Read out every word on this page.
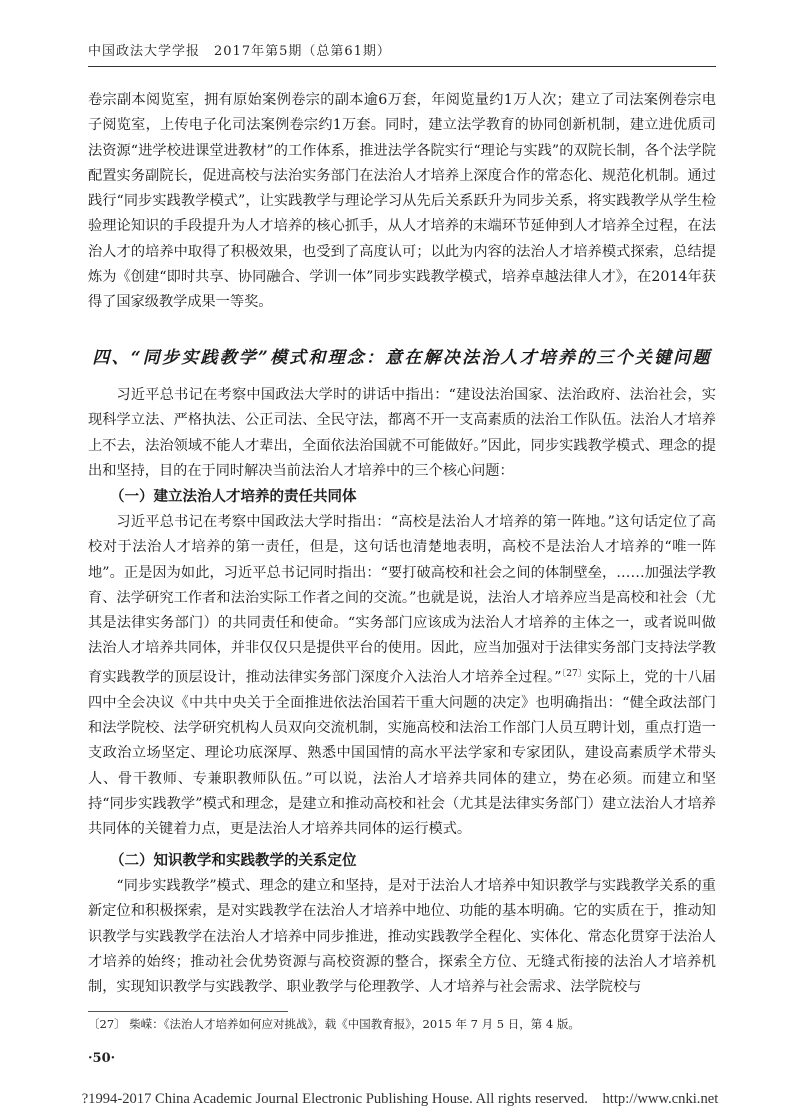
中国政法大学学报　2017年第5期（总第61期）

卷宗副本阅览室，拥有原始案例卷宗的副本逾6万套，年阅览量约1万人次；建立了司法案例卷宗电子阅览室，上传电子化司法案例卷宗约1万套。同时，建立法学教育的协同创新机制，建立进优质司法资源“进学校进课堂进教材”的工作体系，推进法学各院实行“理论与实践”的双院长制，各个法学院配置实务副院长，促进高校与法治实务部门在法治人才培养上深度合作的常态化、规范化机制。通过践行“同步实践教学模式”，让实践教学与理论学习从先后关系跃升为同步关系，将实践教学从学生检验理论知识的手段提升为人才培养的核心抓手，从人才培养的末端环节延伸到人才培养全过程，在法治人才的培养中取得了积极效果，也受到了高度认可；以此为内容的法治人才培养模式探索，总结提炼为《创建“即时共享、协同融合、学训一体”同步实践教学模式，培养卓越法律人才》，在2014年获得了国家级教学成果一等奖。

四、“同步实践教学”模式和理念：意在解决法治人才培养的三个关键问题

习近平总书记在考察中国政法大学时的讲话中指出：“建设法治国家、法治政府、法治社会，实现科学立法、严格执法、公正司法、全民守法，都离不开一支高素质的法治工作队伍。法治人才培养上不去，法治领域不能人才辈出，全面依法治国就不可能做好。”因此，同步实践教学模式、理念的提出和坚持，目的在于同时解决当前法治人才培养中的三个核心问题：

（一）建立法治人才培养的责任共同体

习近平总书记在考察中国政法大学时指出：“高校是法治人才培养的第一阵地。”这句话定位了高校对于法治人才培养的第一责任，但是，这句话也清楚地表明，高校不是法治人才培养的“唯一阵地”。正是因为如此，习近平总书记同时指出：“要打破高校和社会之间的体制壁垒，……加强法学教育、法学研究工作者和法治实际工作者之间的交流。”也就是说，法治人才培养应当是高校和社会（尤其是法律实务部门）的共同责任和使命。“实务部门应该成为法治人才培养的主体之一，或者说叫做法治人才培养共同体，并非仅仅只是提供平台的使用。因此，应当加强对于法律实务部门支持法学教育实践教学的顶层设计，推动法律实务部门深度介入法治人才培养全过程。”$^{〔27〕}$实际上，党的十八届四中全会决议《中共中央关于全面推进依法治国若干重大问题的决定》也明确指出：“健全政法部门和法学院校、法学研究机构人员双向交流机制，实施高校和法治工作部门人员互聘计划，重点打造一支政治立场坚定、理论功底深厚、熟悉中国国情的高水平法学家和专家团队，建设高素质学术带头人、骨干教师、专兼职教师队伍。”可以说，法治人才培养共同体的建立，势在必须。而建立和坚持“同步实践教学”模式和理念，是建立和推动高校和社会（尤其是法律实务部门）建立法治人才培养共同体的关键着力点，更是法治人才培养共同体的运行模式。

（二）知识教学和实践教学的关系定位

“同步实践教学”模式、理念的建立和坚持，是对于法治人才培养中知识教学与实践教学关系的重新定位和积极探索，是对实践教学在法治人才培养中地位、功能的基本明确。它的实质在于，推动知识教学与实践教学在法治人才培养中同步推进，推动实践教学全程化、实体化、常态化贯穿于法治人才培养的始终；推动社会优势资源与高校资源的整合，探索全方位、无缝式衔接的法治人才培养机制，实现知识教学与实践教学、职业教学与伦理教学、人才培养与社会需求、法学院校与

〔27〕 柴嵘：《法治人才培养如何应对挑战》，载《中国教育报》，2015 年 7 月 5 日，第 4 版。
·50·
?1994-2017 China Academic Journal Electronic Publishing House. All rights reserved.　http://www.cnki.net
